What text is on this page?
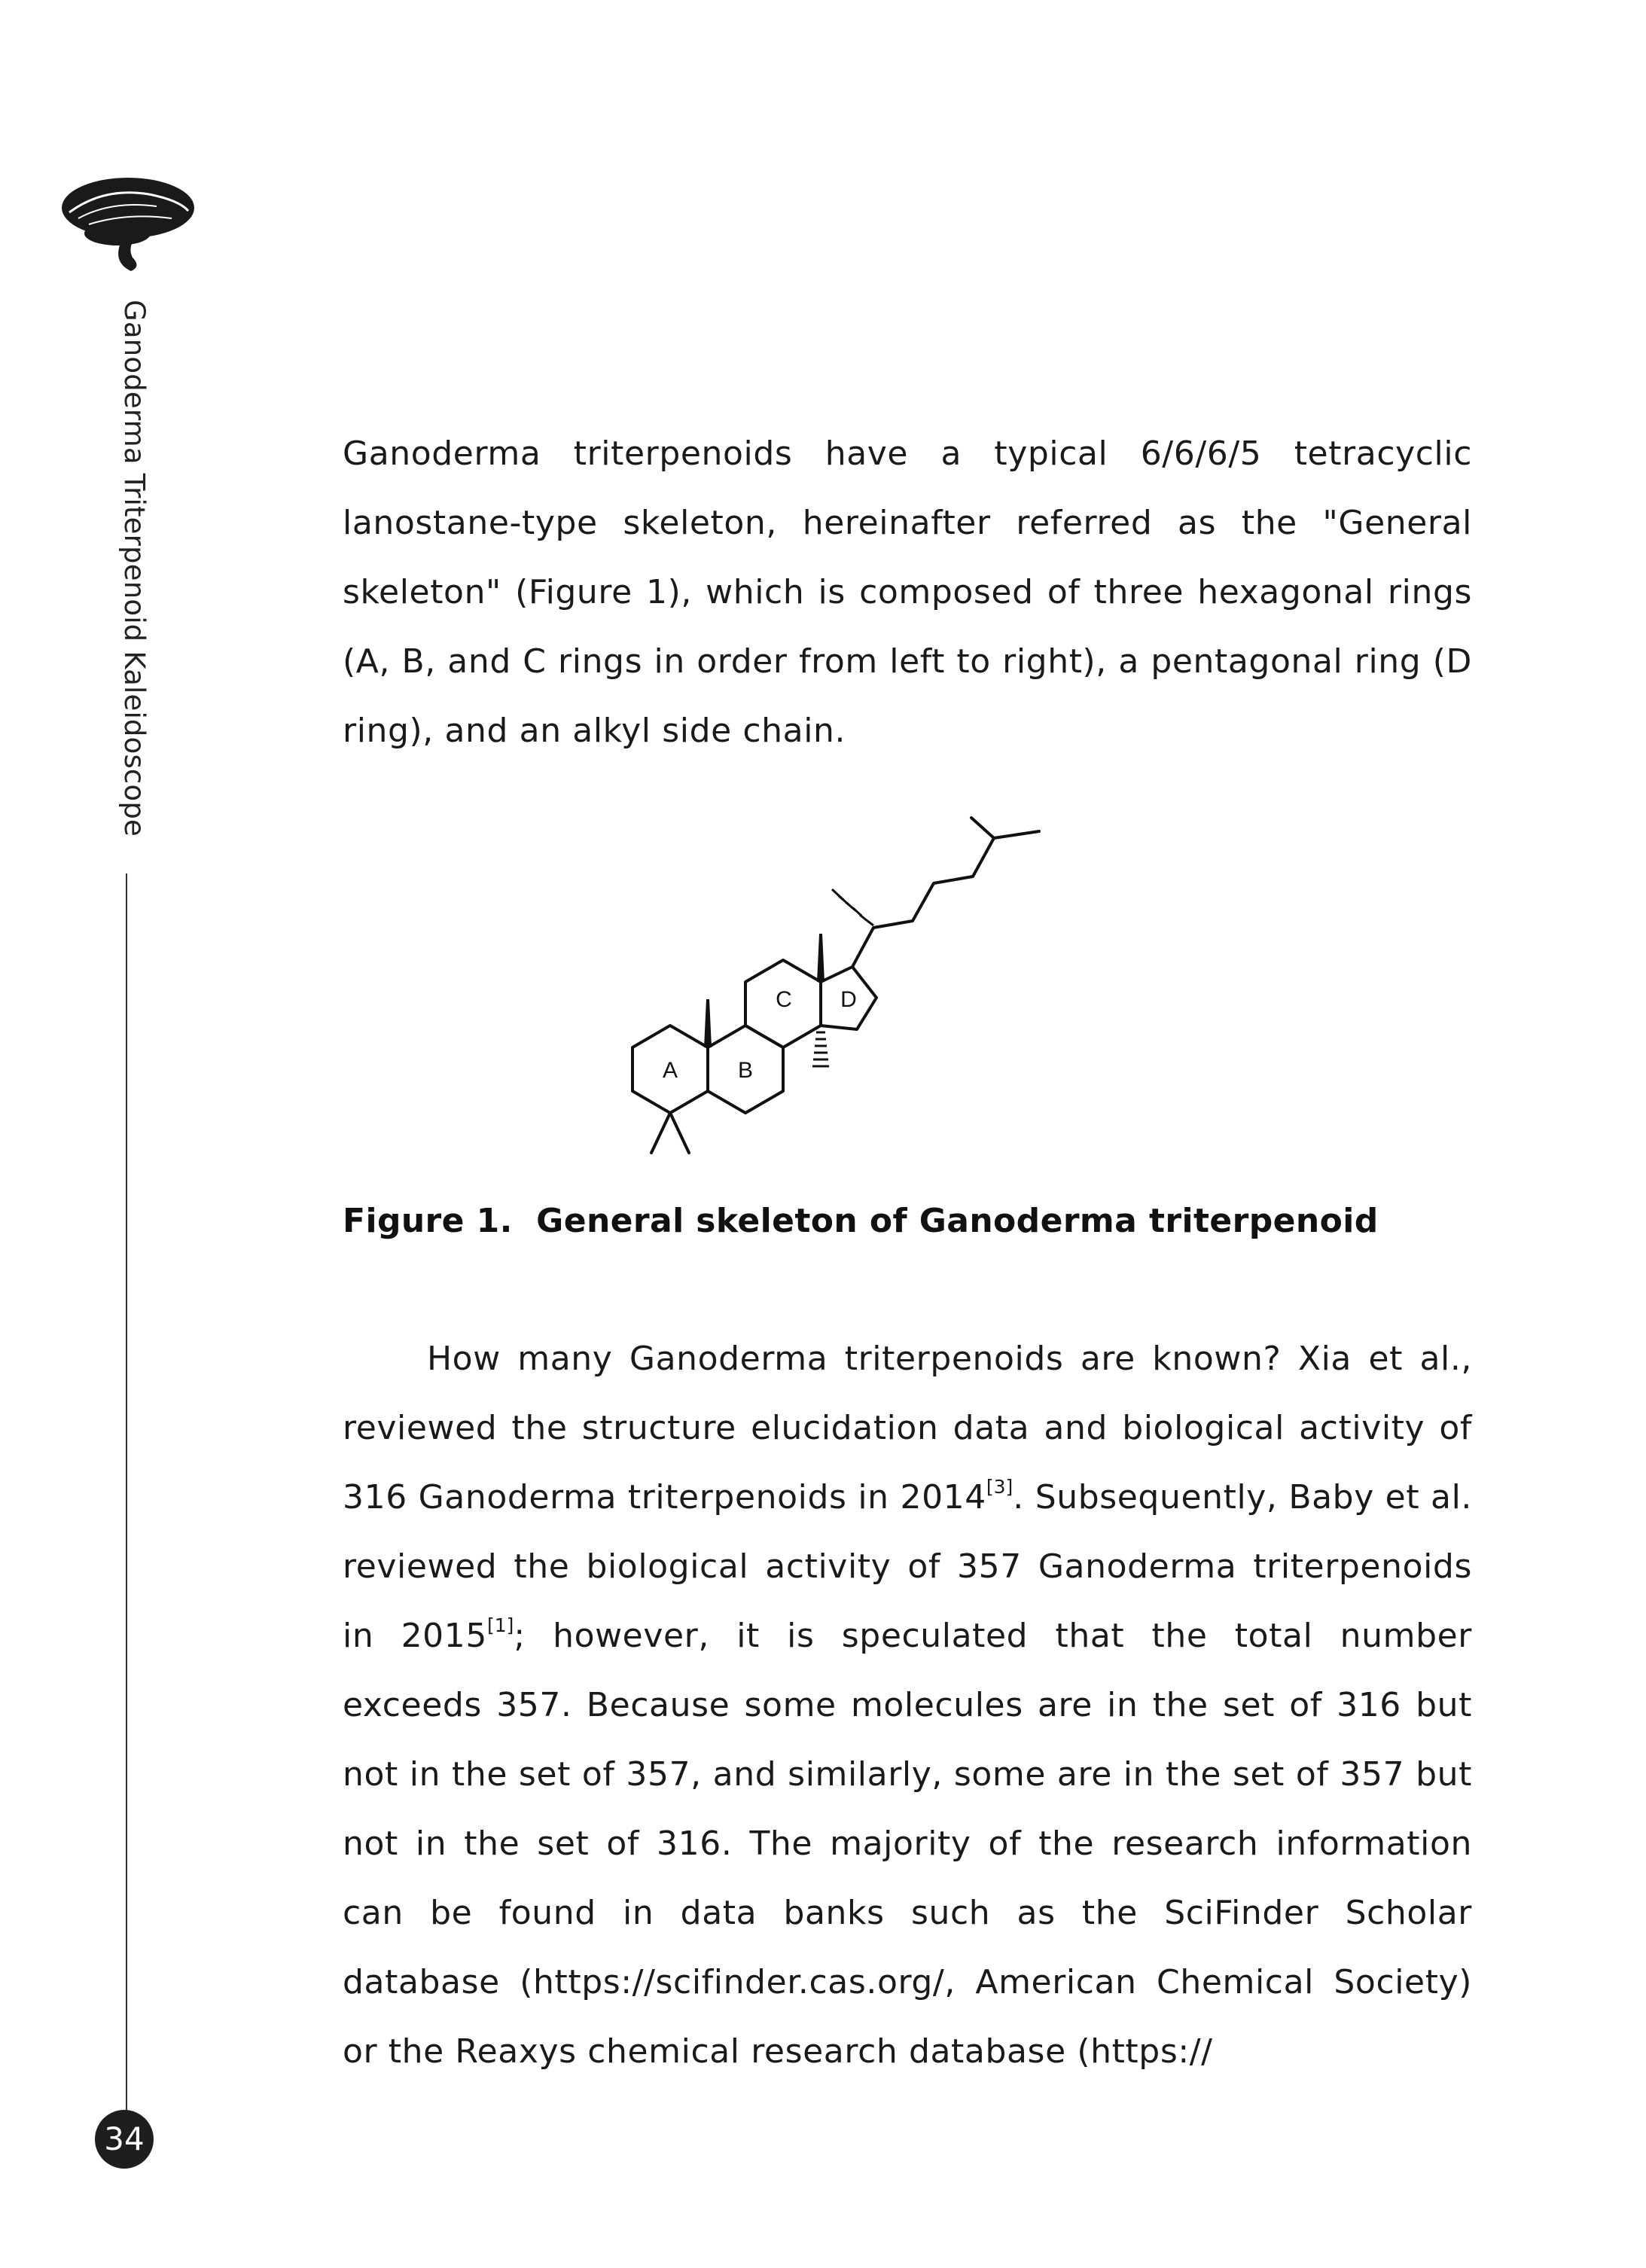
Ganoderma Triterpenoid Kaleidoscope
34

Ganoderma triterpenoids have a typical 6/6/6/5 tetracyclic lanostane-type skeleton, hereinafter referred as the "General skeleton" (Figure 1), which is composed of three hexagonal rings (A, B, and C rings in order from left to right), a pentagonal ring (D ring), and an alkyl side chain.

A	B
C D

Figure 1.  General skeleton of Ganoderma triterpenoid

How many Ganoderma triterpenoids are known? Xia et al., reviewed the structure elucidation data and biological activity of 316 Ganoderma triterpenoids in 2014[3]. Subsequently, Baby et al. reviewed the biological activity of 357 Ganoderma triterpenoids in 2015[1]; however, it is speculated that the total number exceeds 357. Because some molecules are in the set of 316 but not in the set of 357, and similarly, some are in the set of 357 but not in the set of 316. The majority of the research information can be found in data banks such as the SciFinder Scholar database (https://scifinder.cas.org/, American Chemical Society) or the Reaxys chemical research database (https://
